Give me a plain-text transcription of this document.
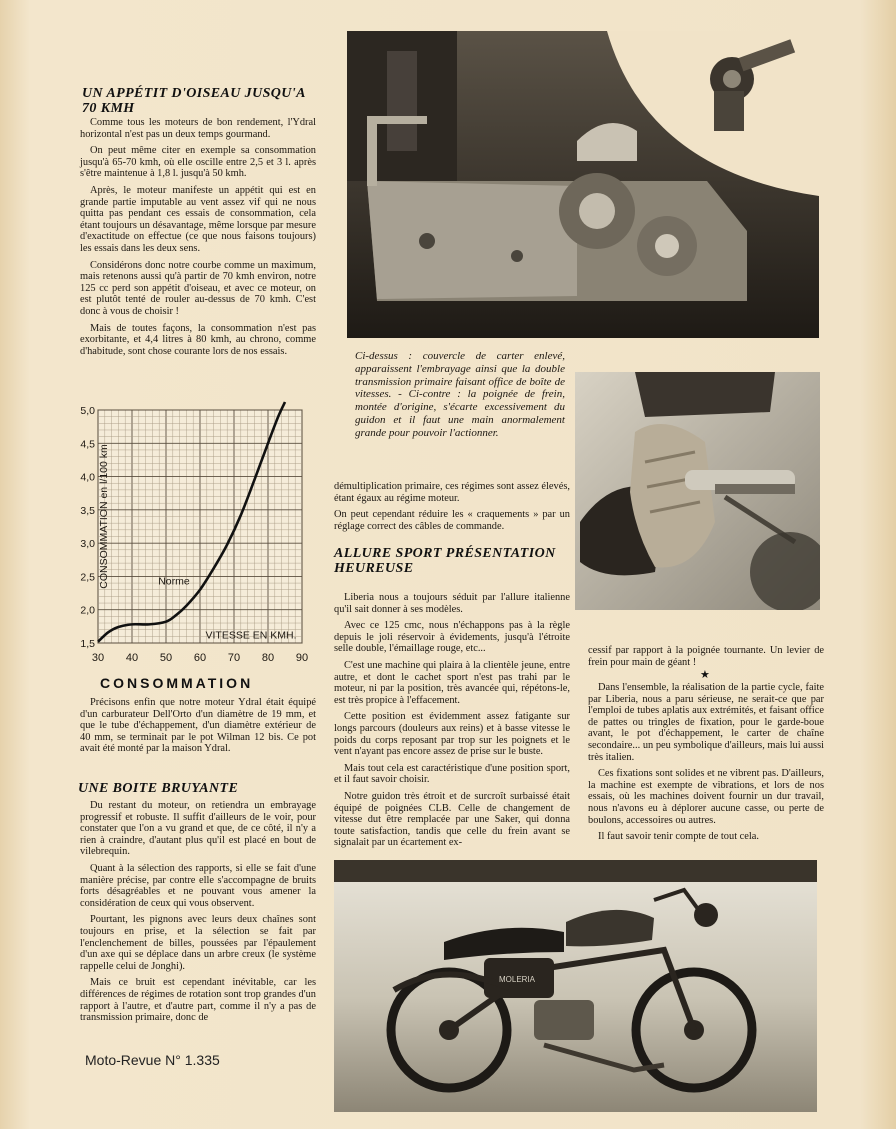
UN APPÉTIT D'OISEAU JUSQU'A 70 KMH

Comme tous les moteurs de bon rendement, l'Ydral horizontal n'est pas un deux temps gourmand.

On peut même citer en exemple sa consommation jusqu'à 65-70 kmh, où elle oscille entre 2,5 et 3 l. après s'être maintenue à 1,8 l. jusqu'à 50 kmh.

Après, le moteur manifeste un appétit qui est en grande partie imputable au vent assez vif qui ne nous quitta pas pendant ces essais de consommation, cela étant toujours un désavantage, même lorsque par mesure d'exactitude on effectue (ce que nous faisons toujours) les essais dans les deux sens.

Considérons donc notre courbe comme un maximum, mais retenons aussi qu'à partir de 70 kmh environ, notre 125 cc perd son appétit d'oiseau, et avec ce moteur, on est plutôt tenté de rouler au-dessus de 70 kmh. C'est donc à vous de choisir !

Mais de toutes façons, la consommation n'est pas exorbitante, et 4,4 litres à 80 kmh, au chrono, comme d'habitude, sont chose courante lors de nos essais.

30 40 50 60 70 80 90
1,5
2,0
2,5
3,0
3,5
4,0
4,5
5,0
VITESSE EN KMH.
CONSOMMATION en l/100 km	Norme
CONSOMMATION

Précisons enfin que notre moteur Ydral était équipé d'un carburateur Dell'Orto d'un diamètre de 19 mm, et que le tube d'échappement, d'un diamètre extérieur de 40 mm, se terminait par le pot Wilman 12 bis. Ce pot avait été monté par la maison Ydral.

UNE BOITE BRUYANTE

Du restant du moteur, on retiendra un embrayage progressif et robuste. Il suffit d'ailleurs de le voir, pour constater que l'on a vu grand et que, de ce côté, il n'y a rien à craindre, d'autant plus qu'il est placé en bout de vilebrequin.

Quant à la sélection des rapports, si elle se fait d'une manière précise, par contre elle s'accompagne de bruits forts désagréables et ne pouvant vous amener la considération de ceux qui vous observent.

Pourtant, les pignons avec leurs deux chaînes sont toujours en prise, et la sélection se fait par l'enclenchement de billes, poussées par l'épaulement d'un axe qui se déplace dans un arbre creux (le système rappelle celui de Jonghi).

Mais ce bruit est cependant inévitable, car les différences de régimes de rotation sont trop grandes d'un rapport à l'autre, et d'autre part, comme il n'y a pas de transmission primaire, donc de

Ci-dessus : couvercle de carter enlevé, apparaissent l'embrayage ainsi que la double transmission primaire faisant office de boîte de vitesses. - Ci-contre : la poignée de frein, montée d'origine, s'écarte excessivement du guidon et il faut une main anormalement grande pour pouvoir l'actionner.

démultiplication primaire, ces régimes sont assez élevés, étant égaux au régime moteur.

On peut cependant réduire les « craquements » par un réglage correct des câbles de commande.

ALLURE SPORT PRÉSENTATION HEUREUSE

Liberia nous a toujours séduit par l'allure italienne qu'il sait donner à ses modèles.

Avec ce 125 cmc, nous n'échappons pas à la règle depuis le joli réservoir à évidements, jusqu'à l'étroite selle double, l'émaillage rouge, etc...

C'est une machine qui plaira à la clientèle jeune, entre autre, et dont le cachet sport n'est pas trahi par le moteur, ni par la position, très avancée qui, répétons-le, est très propice à l'effacement.

Cette position est évidemment assez fatigante sur longs parcours (douleurs aux reins) et à basse vitesse le poids du corps reposant par trop sur les poignets et le vent n'ayant pas encore assez de prise sur le buste.

Mais tout cela est caractéristique d'une position sport, et il faut savoir choisir.

Notre guidon très étroit et de surcroît surbaissé était équipé de poignées CLB. Celle de changement de vitesse dut être remplacée par une Saker, qui donna toute satisfaction, tandis que celle du frein avant se signalait par un écartement ex-

cessif par rapport à la poignée tournante. Un levier de frein pour main de géant !

★

Dans l'ensemble, la réalisation de la partie cycle, faite par Liberia, nous a paru sérieuse, ne serait-ce que par l'emploi de tubes aplatis aux extrémités, et faisant office de pattes ou tringles de fixation, pour le garde-boue avant, le pot d'échappement, le carter de chaîne secondaire... un peu symbolique d'ailleurs, mais lui aussi très italien.

Ces fixations sont solides et ne vibrent pas. D'ailleurs, la machine est exempte de vibrations, et lors de nos essais, où les machines doivent fournir un dur travail, nous n'avons eu à déplorer aucune casse, ou perte de boulons, accessoires ou autres.

Il faut savoir tenir compte de tout cela.

MOLERIA
Moto-Revue N° 1.335
